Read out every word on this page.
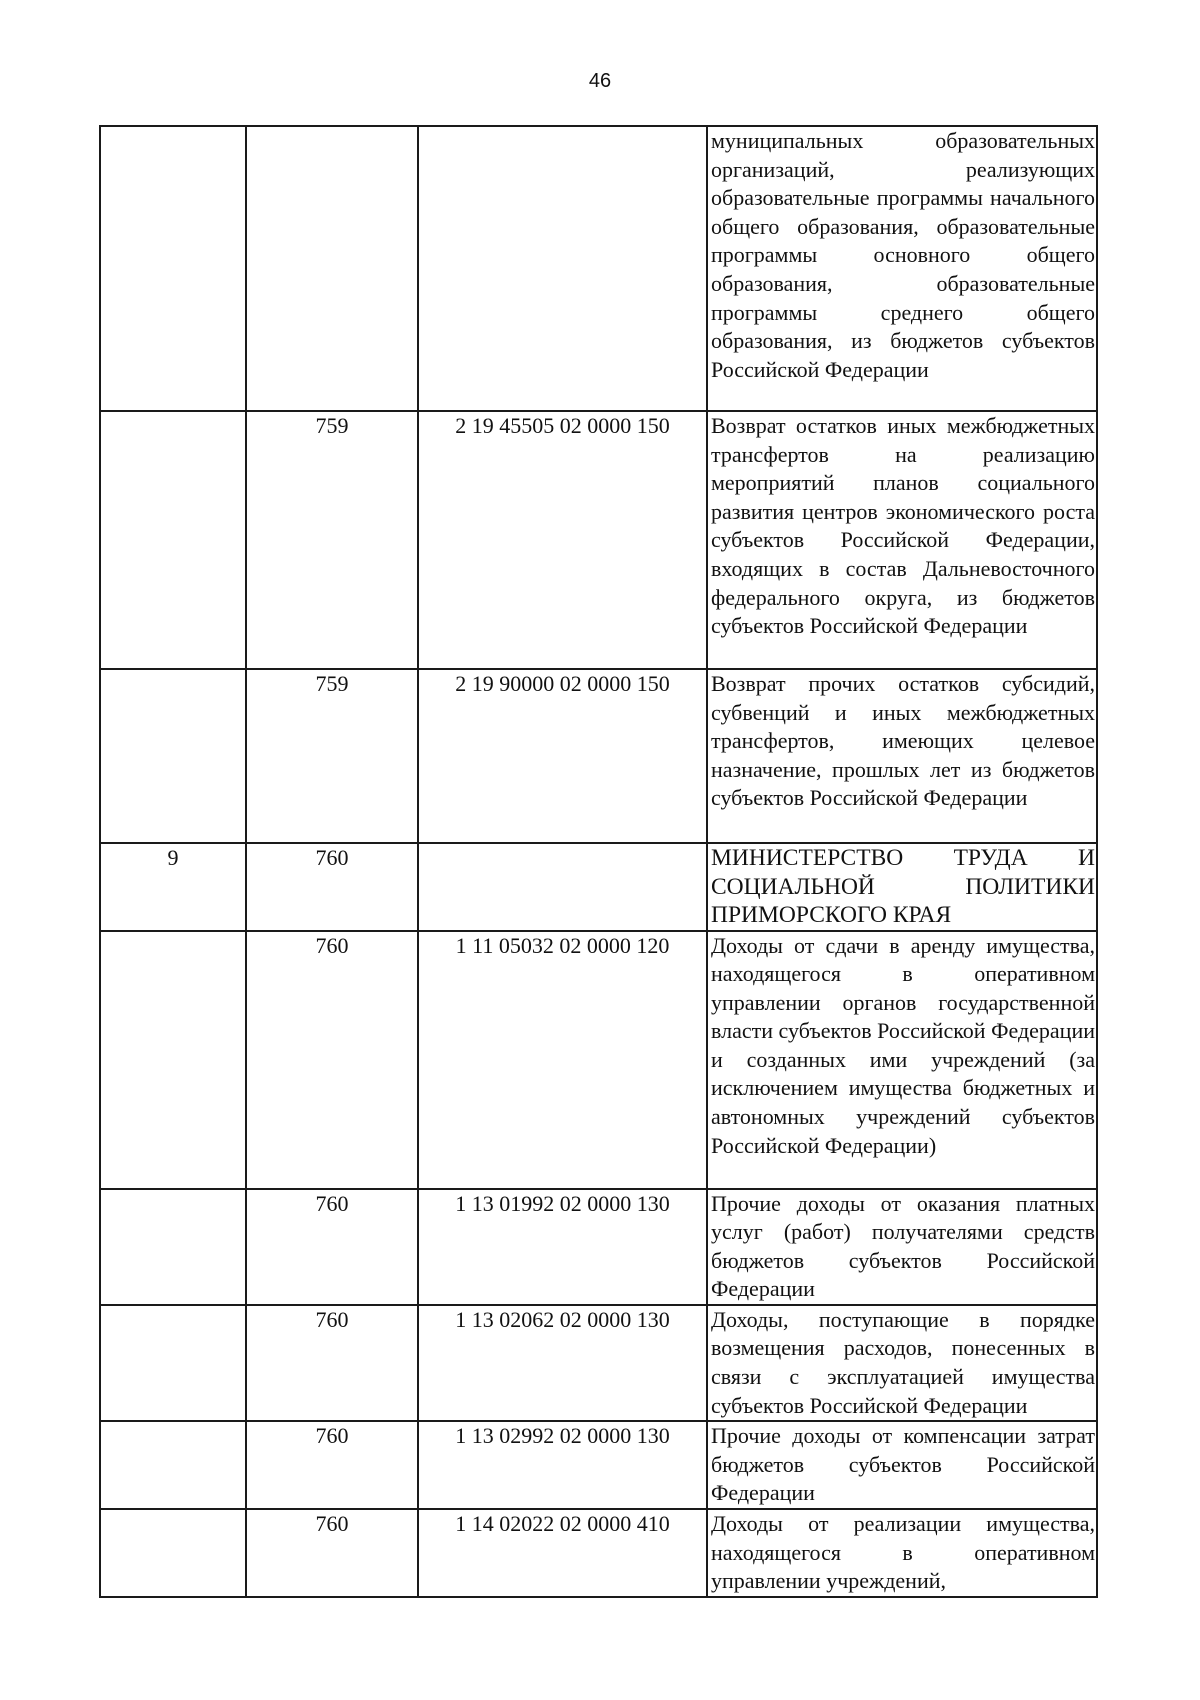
46
			муниципальных образовательных организаций, реализующих образовательные программы начального общего образования, образовательные программы основного общего образования, образовательные программы среднего общего образования, из бюджетов субъектов Российской Федерации
	759	2 19 45505 02 0000 150	Возврат остатков иных межбюджетных трансфертов на реализацию мероприятий планов социального развития центров экономического роста субъектов Российской Федерации, входящих в состав Дальневосточного федерального округа, из бюджетов субъектов Российской Федерации
	759	2 19 90000 02 0000 150	Возврат прочих остатков субсидий, субвенций и иных межбюджетных трансфертов, имеющих целевое назначение, прошлых лет из бюджетов субъектов Российской Федерации
9	760		МИНИСТЕРСТВО ТРУДА И СОЦИАЛЬНОЙ ПОЛИТИКИ ПРИМОРСКОГО КРАЯ
	760	1 11 05032 02 0000 120	Доходы от сдачи в аренду имущества, находящегося в оперативном управлении органов государственной власти субъектов Российской Федерации и созданных ими учреждений (за исключением имущества бюджетных и автономных учреждений субъектов Российской Федерации)
	760	1 13 01992 02 0000 130	Прочие доходы от оказания платных услуг (работ) получателями средств бюджетов субъектов Российской Федерации
	760	1 13 02062 02 0000 130	Доходы, поступающие в порядке возмещения расходов, понесенных в связи с эксплуатацией имущества субъектов Российской Федерации
	760	1 13 02992 02 0000 130	Прочие доходы от компенсации затрат бюджетов субъектов Российской Федерации
	760	1 14 02022 02 0000 410	Доходы от реализации имущества, находящегося в оперативном управлении учреждений,
